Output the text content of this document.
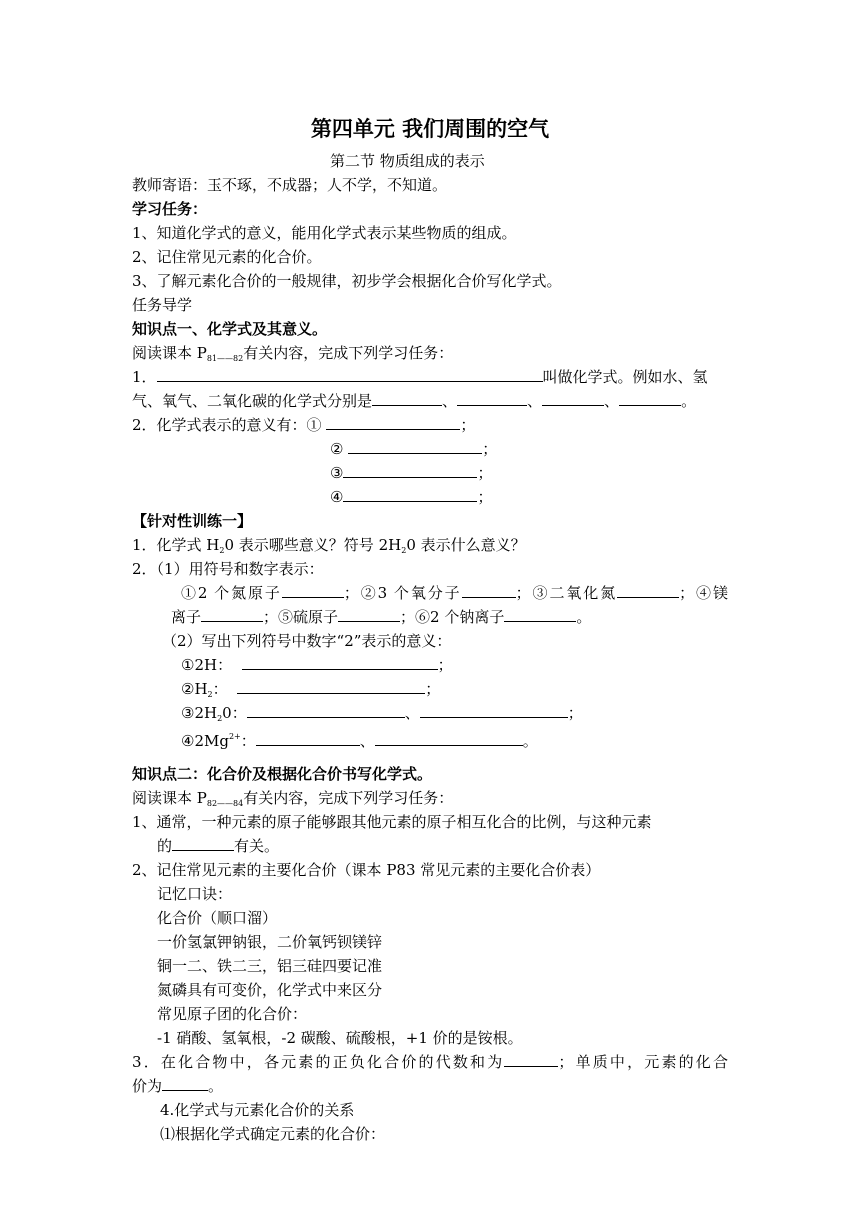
第四单元 我们周围的空气
第二节 物质组成的表示
教师寄语：玉不琢，不成器；人不学，不知道。
学习任务：
1、知道化学式的意义，能用化学式表示某些物质的组成。
2、记住常见元素的化合价。
3、了解元素化合价的一般规律，初步学会根据化合价写化学式。
任务导学
知识点一、化学式及其意义。
阅读课本 $P_{81——82}$有关内容，完成下列学习任务：
1．	叫做化学式。例如水、氢
气、氧气、二氧化碳的化学式分别是	、	、	、	。
2．化学式表示的意义有：①	；
②	；
③	；
④	；
【针对性训练一】
1．化学式 $H_20$ 表示哪些意义？符号 $2H_20$ 表示什么意义？
2．（1）用符号和数字表示：
①2 个氮原子	；②3 个氧分子	；③二氧化氮	；④镁
离子	；⑤硫原子	；⑥2 个钠离子	。
（2）写出下列符号中数字“2”表示的意义：
①2H：	；
$②H_2$：	；
$③2H_20$：	、	；
$④2Mg^{2+}$：	、	。
知识点二：化合价及根据化合价书写化学式。
阅读课本 $P_{82——84}$有关内容，完成下列学习任务：
1、通常，一种元素的原子能够跟其他元素的原子相互化合的比例，与这种元素
的	有关。
2、记住常见元素的主要化合价（课本 P83 常见元素的主要化合价表）
记忆口诀：
化合价（顺口溜）
一价氢氯钾钠银，二价氧钙钡镁锌
铜一二、铁二三，铝三硅四要记准
氮磷具有可变价，化学式中来区分
常见原子团的化合价：
-1 硝酸、氢氧根，-2 碳酸、硫酸根，+1 价的是铵根。
3．在化合物中，各元素的正负化合价的代数和为	；单质中，元素的化合
价为	。
4.化学式与元素化合价的关系
⑴根据化学式确定元素的化合价：
